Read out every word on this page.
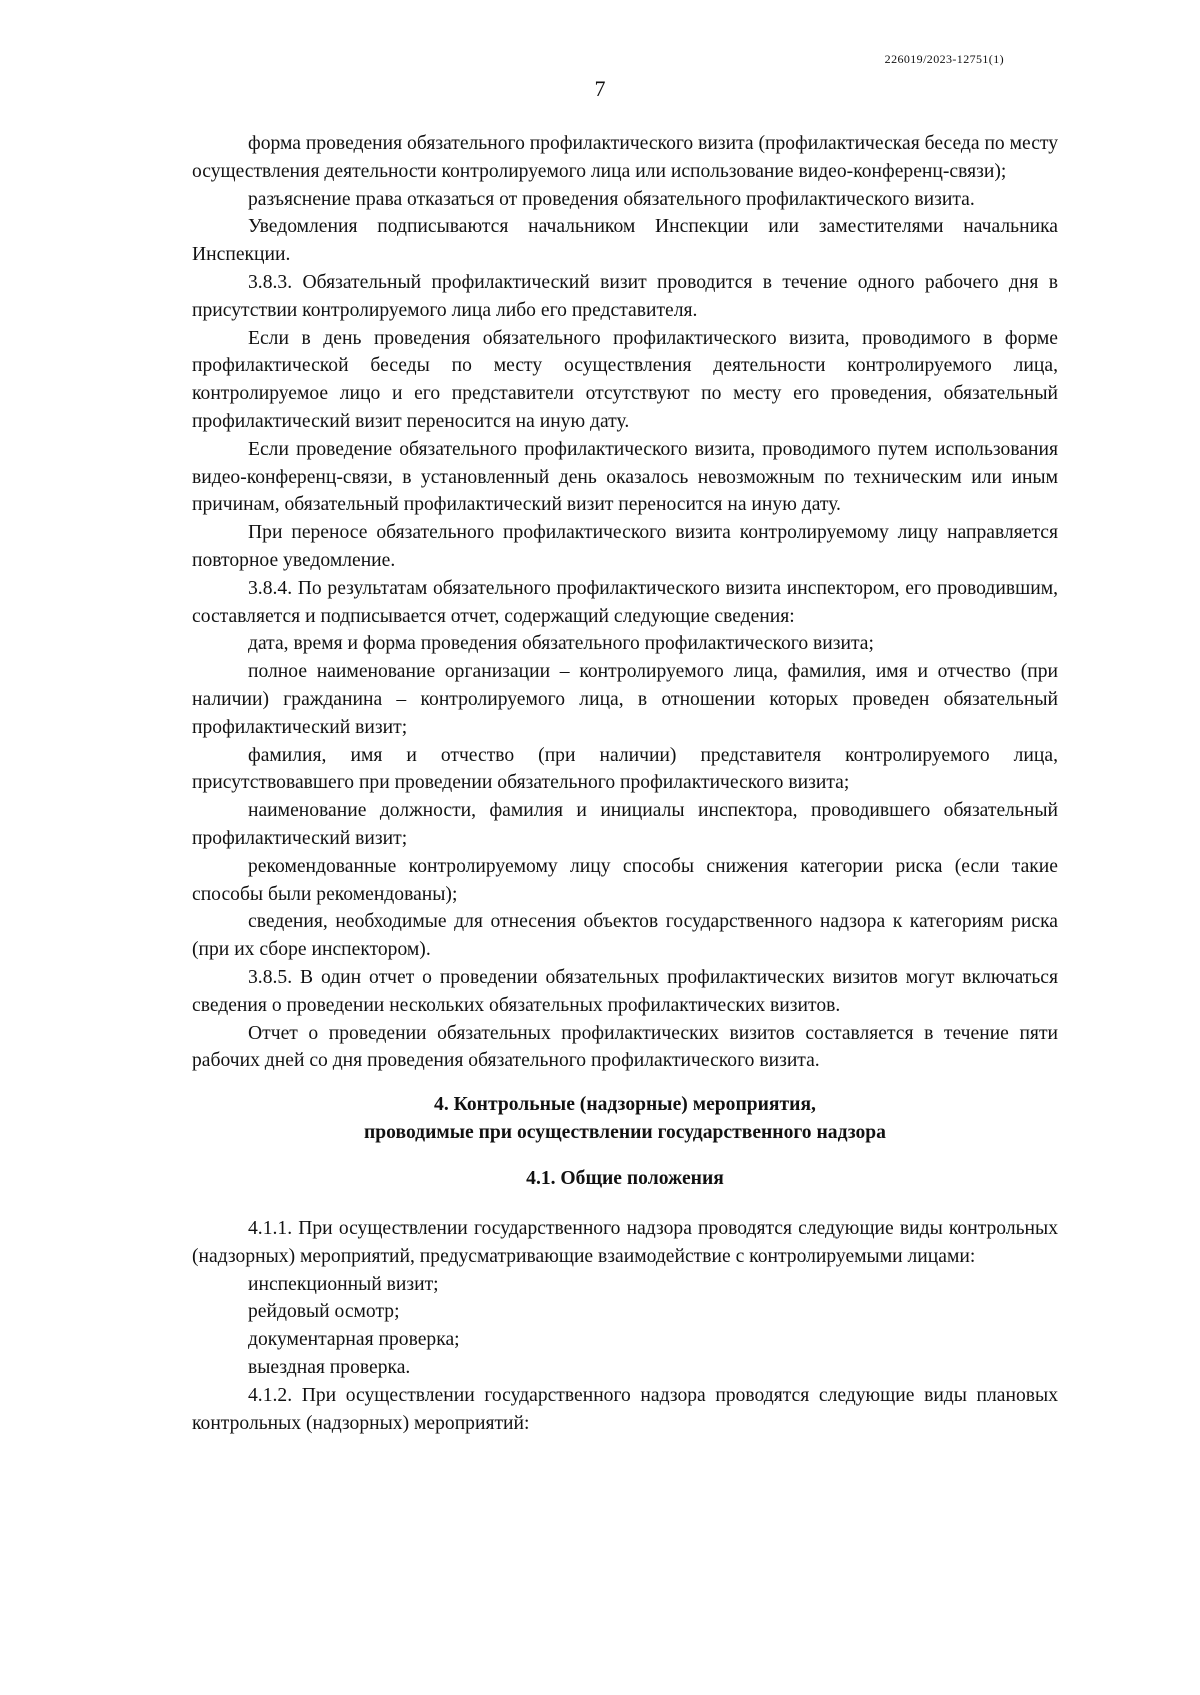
226019/2023-12751(1)
7

форма проведения обязательного профилактического визита (профилактическая беседа по месту осуществления деятельности контролируемого лица или использование видео-конференц-связи);

разъяснение права отказаться от проведения обязательного профилактического визита.

Уведомления подписываются начальником Инспекции или заместителями начальника Инспекции.

3.8.3. Обязательный профилактический визит проводится в течение одного рабочего дня в присутствии контролируемого лица либо его представителя.

Если в день проведения обязательного профилактического визита, проводимого в форме профилактической беседы по месту осуществления деятельности контролируемого лица, контролируемое лицо и его представители отсутствуют по месту его проведения, обязательный профилактический визит переносится на иную дату.

Если проведение обязательного профилактического визита, проводимого путем использования видео-конференц-связи, в установленный день оказалось невозможным по техническим или иным причинам, обязательный профилактический визит переносится на иную дату.

При переносе обязательного профилактического визита контролируемому лицу направляется повторное уведомление.

3.8.4. По результатам обязательного профилактического визита инспектором, его проводившим, составляется и подписывается отчет, содержащий следующие сведения:

дата, время и форма проведения обязательного профилактического визита;

полное наименование организации – контролируемого лица, фамилия, имя и отчество (при наличии) гражданина – контролируемого лица, в отношении которых проведен обязательный профилактический визит;

фамилия, имя и отчество (при наличии) представителя контролируемого лица, присутствовавшего при проведении обязательного профилактического визита;

наименование должности, фамилия и инициалы инспектора, проводившего обязательный профилактический визит;

рекомендованные контролируемому лицу способы снижения категории риска (если такие способы были рекомендованы);

сведения, необходимые для отнесения объектов государственного надзора к категориям риска (при их сборе инспектором).

3.8.5. В один отчет о проведении обязательных профилактических визитов могут включаться сведения о проведении нескольких обязательных профилактических визитов.

Отчет о проведении обязательных профилактических визитов составляется в течение пяти рабочих дней со дня проведения обязательного профилактического визита.

4. Контрольные (надзорные) мероприятия,

проводимые при осуществлении государственного надзора

4.1. Общие положения

4.1.1. При осуществлении государственного надзора проводятся следующие виды контрольных (надзорных) мероприятий, предусматривающие взаимодействие с контролируемыми лицами:

инспекционный визит;

рейдовый осмотр;

документарная проверка;

выездная проверка.

4.1.2. При осуществлении государственного надзора проводятся следующие виды плановых контрольных (надзорных) мероприятий:
